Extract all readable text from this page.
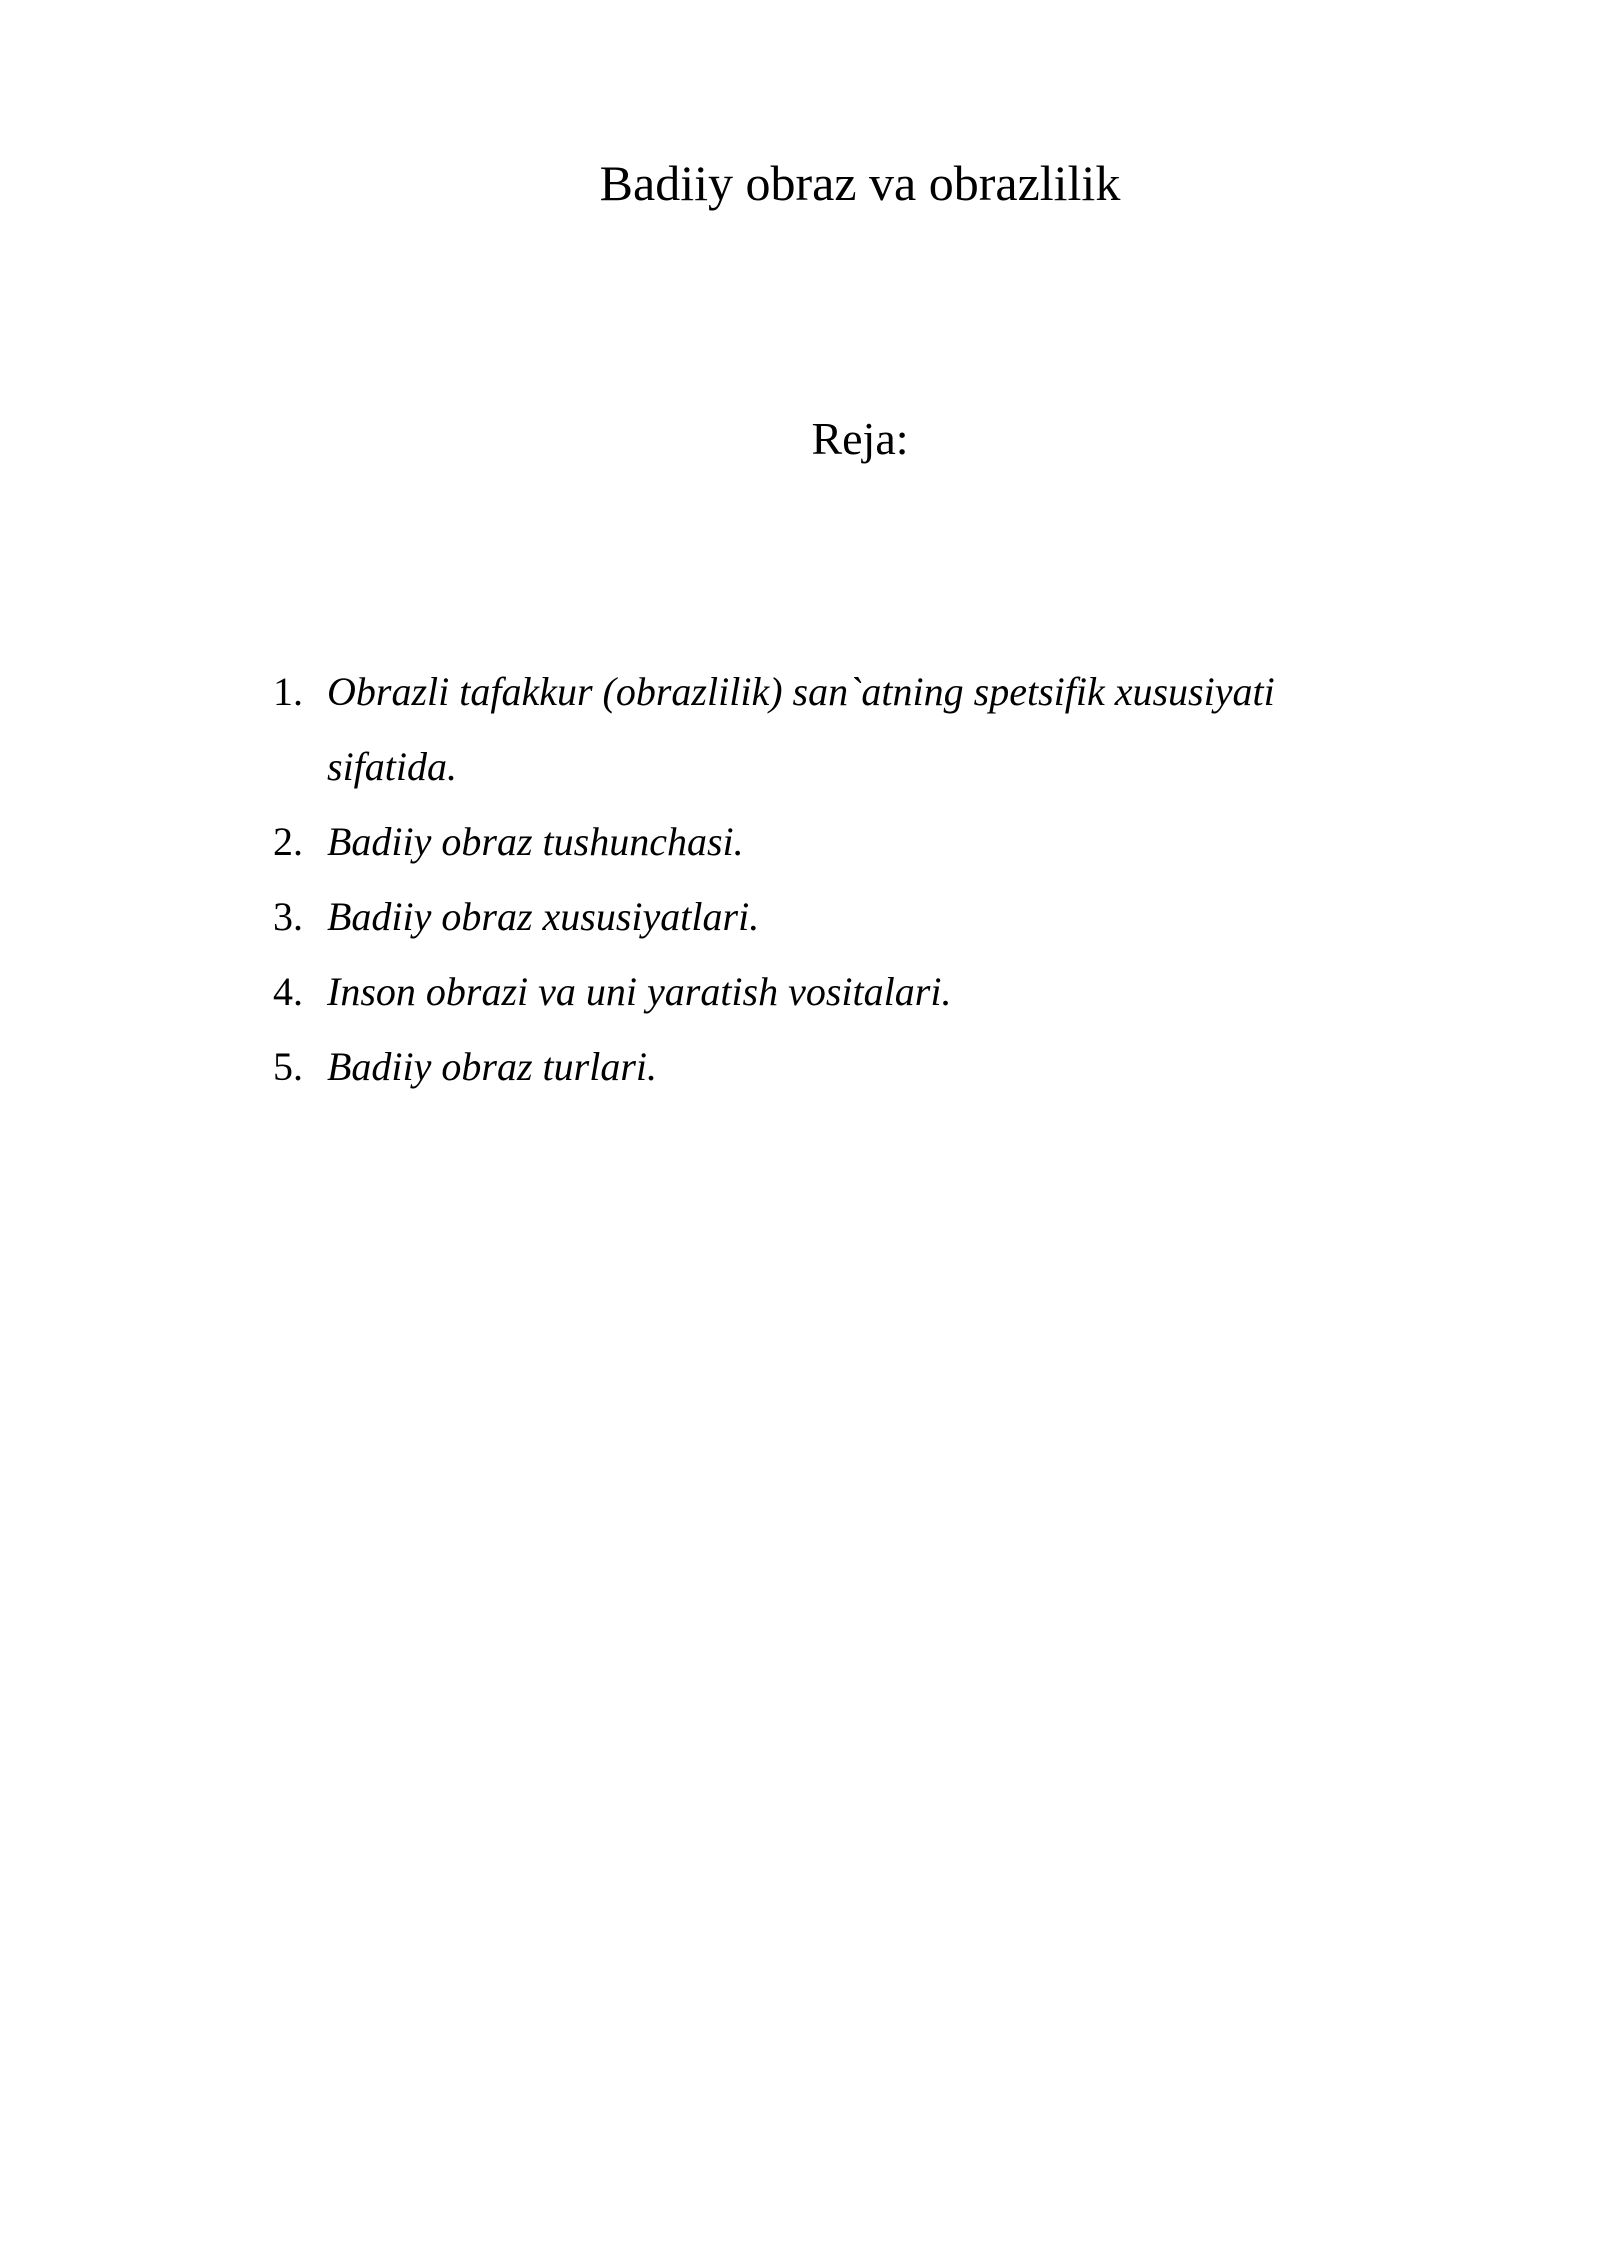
Badiiy obraz va obrazlilik
Reja:
1. Obrazli tafakkur (obrazlilik) san`atning spetsifik xususiyati sifatida.
2. Badiiy obraz tushunchasi.
3. Badiiy obraz xususiyatlari.
4. Inson obrazi va uni yaratish vositalari.
5. Badiiy obraz turlari.
